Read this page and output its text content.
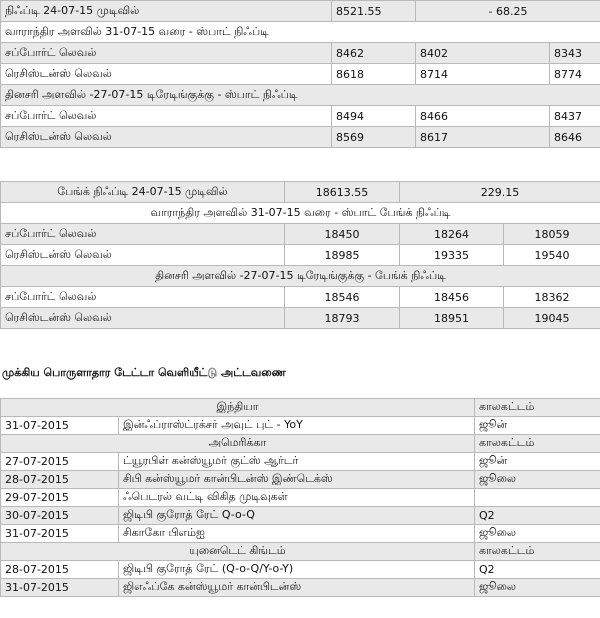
நிஃப்டி 24-07-15 முடிவில்	8521.55	- 68.25	
வாராந்திர அளவில் 31-07-15 வரை - ஸ்பாட் நிஃப்டி			
சப்போர்ட் லெவல்	8462	8402	8343
ரெசிஸ்டன்ஸ் லெவல்	8618	8714	8774
தினசரி அளவில் -27-07-15 டிரேடிங்குக்கு - ஸ்பாட் நிஃப்டி			
சப்போர்ட் லெவல்	8494	8466	8437
ரெசிஸ்டன்ஸ் லெவல்	8569	8617	8646
பேங்க் நிஃப்டி 24-07-15 முடிவில்	18613.55	229.15	
வாராந்திர அளவில் 31-07-15 வரை - ஸ்பாட் பேங்க் நிஃப்டி			
சப்போர்ட் லெவல்	18450	18264	18059
ரெசிஸ்டன்ஸ் லெவல்	18985	19335	19540
தினசரி அளவில் -27-07-15 டிரேடிங்குக்கு - பேங்க் நிஃப்டி			
சப்போர்ட் லெவல்	18546	18456	18362
ரெசிஸ்டன்ஸ் லெவல்	18793	18951	19045
முக்கிய பொருளாதார டேட்டா வெளியீட்டு அட்டவணை
இந்தியா		காலகட்டம்
31-07-2015	இன்ஃப்ராஸ்ட்ரக்சர் அவுட் புட் - YoY	ஜூன்
அமெரிக்கா		காலகட்டம்
27-07-2015	ட்யூரபிள் கன்ஸ்யூமர் குட்ஸ் ஆர்டர்	ஜூன்
28-07-2015	சிபி கன்ஸ்யூமர் கான்பிடன்ஸ் இண்டெக்ஸ்	ஜூலை
29-07-2015	ஃபெடரல் வட்டி விகித முடிவுகள்	
30-07-2015	ஜிடிபி குரோத் ரேட் Q-o-Q	Q2
31-07-2015	சிகாகோ பிஎம்ஐ	ஜூலை
யுனைடெட் கிங்டம்		காலகட்டம்
28-07-2015	ஜிடிபி குரோத் ரேட் (Q-o-Q/Y-o-Y)	Q2
31-07-2015	ஜிஎஃப்கே கன்ஸ்யூமர் கான்பிடன்ஸ்	ஜூலை
